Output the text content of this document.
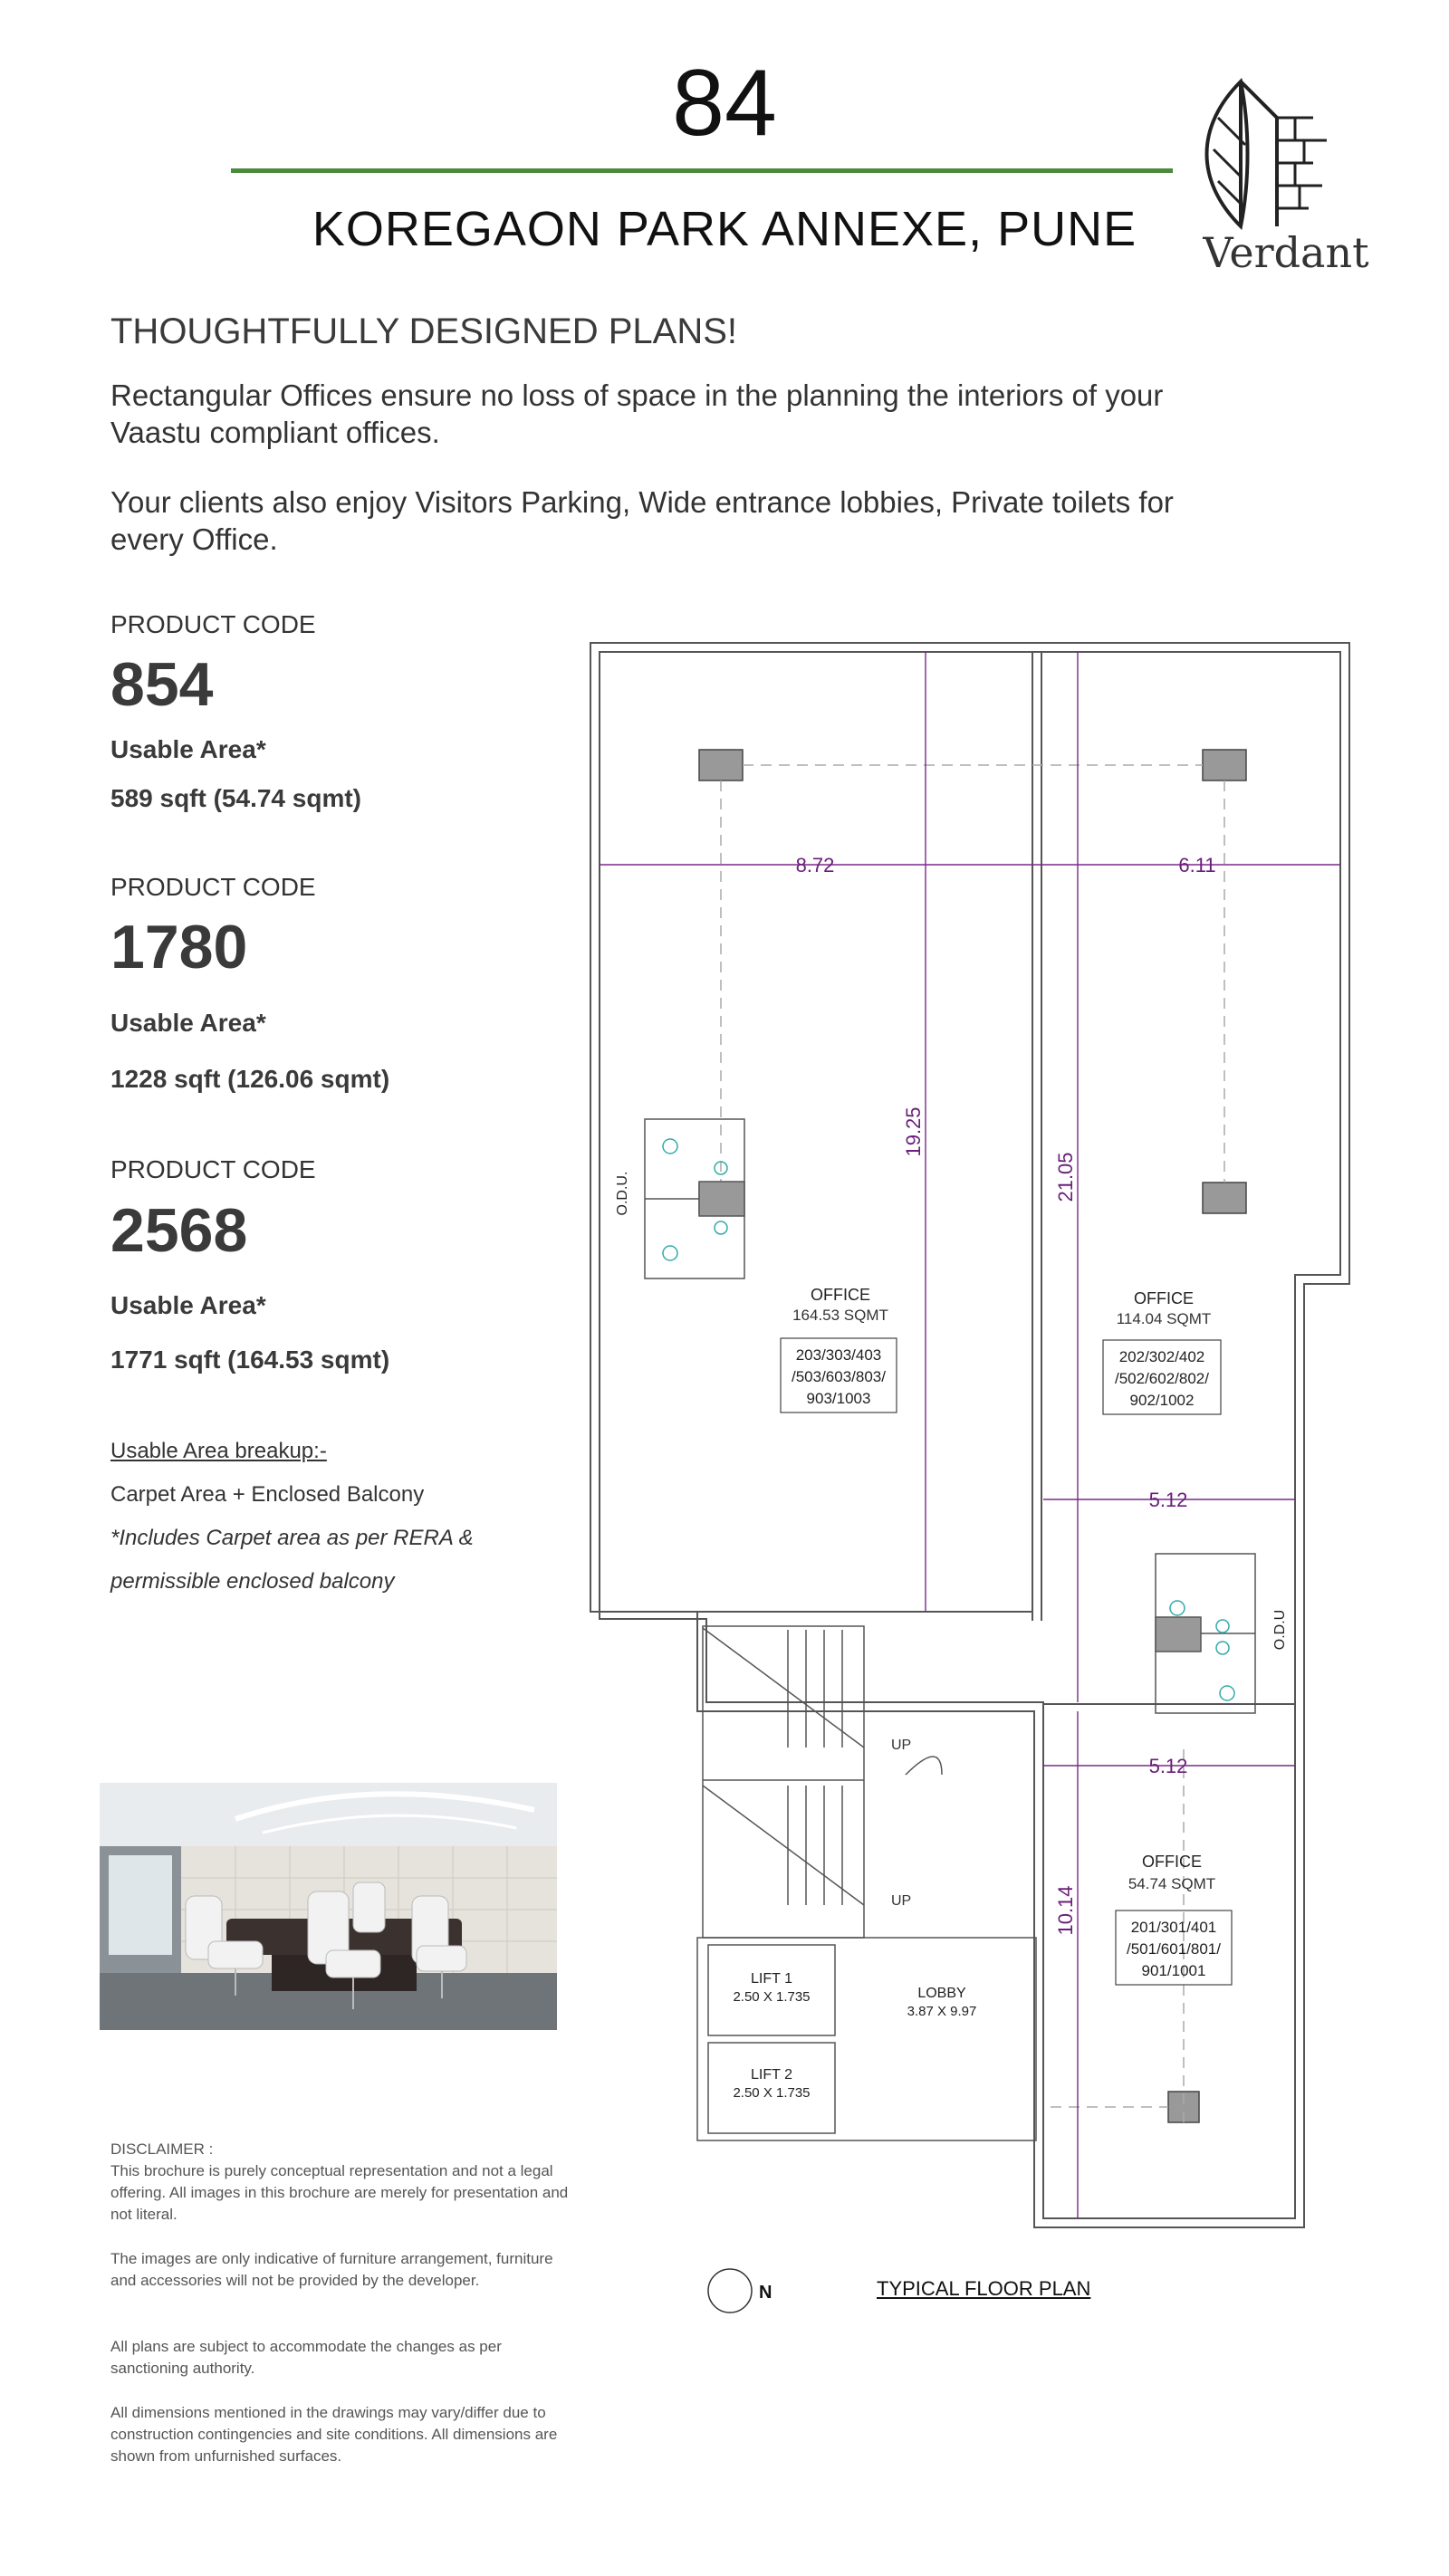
84
KOREGAON PARK ANNEXE, PUNE	Verdant
THOUGHTFULLY DESIGNED PLANS!
Rectangular Offices ensure no loss of space in the planning the interiors of your Vaastu compliant offices.
Your clients also enjoy Visitors Parking, Wide entrance lobbies, Private toilets for every Office.
PRODUCT CODE
854
Usable Area*
589 sqft (54.74 sqmt)
PRODUCT CODE
1780
Usable Area*
1228 sqft (126.06 sqmt)
PRODUCT CODE
2568
Usable Area*
1771 sqft (164.53 sqmt)
Usable Area breakup:-
Carpet Area + Enclosed Balcony
*Includes Carpet area as per RERA &
permissible enclosed balcony
DISCLAIMER :
This brochure is purely conceptual representation and not a legal offering. All images in this brochure are merely for presentation and not literal.
The images are only indicative of furniture arrangement, furniture and accessories will not be provided by the developer.
All plans are subject to accommodate the changes as per sanctioning authority.
All dimensions mentioned in the drawings may vary/differ due to construction contingencies and site conditions. All dimensions are shown from unfurnished surfaces.
8.72	6.11
19.25
21.05
5.12
5.12
10.14
O.D.U.
O.D.U
OFFICE
164.53 SQMT
203/303/403
/503/603/803/
903/1003
OFFICE
114.04 SQMT
202/302/402
/502/602/802/
902/1002
OFFICE
54.74 SQMT
201/301/401
/501/601/801/
901/1001
UP
UP
LIFT 1
2.50 X 1.735
LIFT 2
2.50 X 1.735
LOBBY
3.87 X 9.97
N	TYPICAL FLOOR PLAN
